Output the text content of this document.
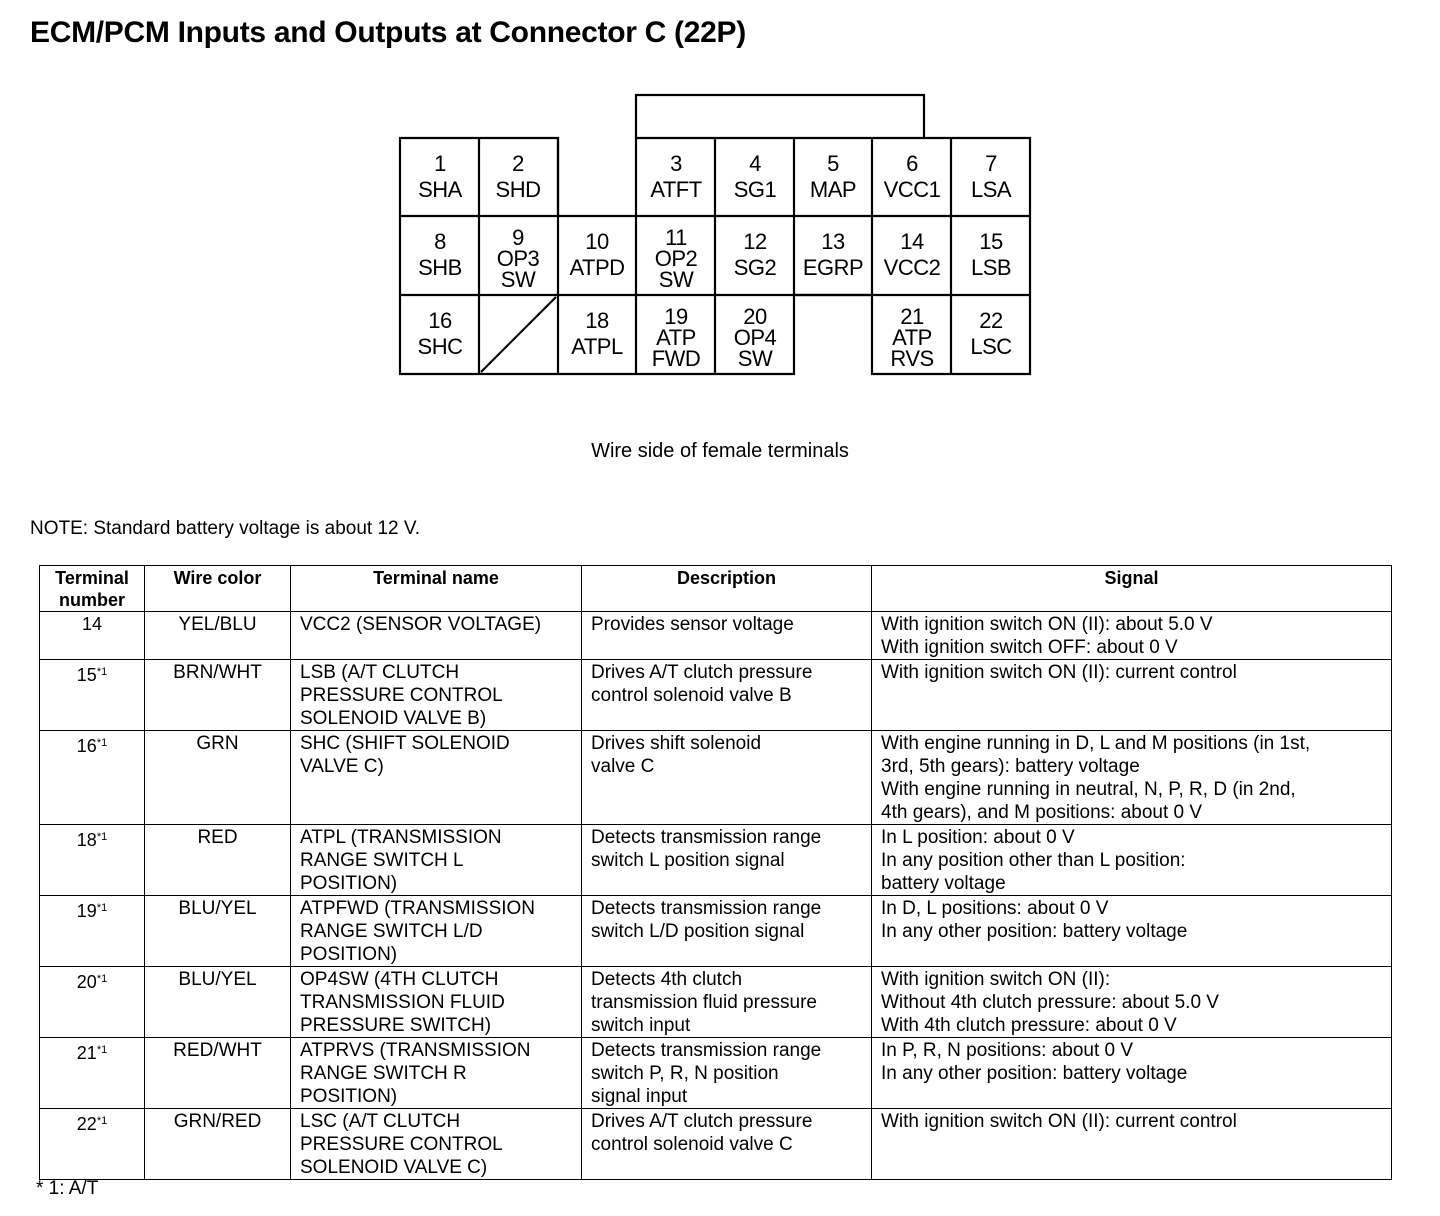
ECM/PCM Inputs and Outputs at Connector C (22P)
1
SHA
2
SHD
3
ATFT
4
SG1
5
MAP
6
VCC1
7
LSA
8
SHB
9
OP3
SW
10
ATPD
11
OP2
SW
12
SG2
13
EGRP
14
VCC2
15
LSB
16
SHC
18
ATPL
19
ATP
FWD
20
OP4
SW
21
ATP
RVS
22
LSC
Wire side of female terminals
NOTE: Standard battery voltage is about 12 V.
Terminal
number	Wire color	Terminal name	Description	Signal
14	YEL/BLU	VCC2 (SENSOR VOLTAGE)	Provides sensor voltage	With ignition switch ON (II): about 5.0 V
With ignition switch OFF: about 0 V
15$^{*1}$	BRN/WHT	LSB (A/T CLUTCH
PRESSURE CONTROL
SOLENOID VALVE B)	Drives A/T clutch pressure
control solenoid valve B	With ignition switch ON (II): current control
16$^{*1}$	GRN	SHC (SHIFT SOLENOID
VALVE C)	Drives shift solenoid
valve C	With engine running in D, L and M positions (in 1st,
3rd, 5th gears): battery voltage
With engine running in neutral, N, P, R, D (in 2nd,
4th gears), and M positions: about 0 V
18$^{*1}$	RED	ATPL (TRANSMISSION
RANGE SWITCH L
POSITION)	Detects transmission range
switch L position signal	In L position: about 0 V
In any position other than L position:
battery voltage
19$^{*1}$	BLU/YEL	ATPFWD (TRANSMISSION
RANGE SWITCH L/D
POSITION)	Detects transmission range
switch L/D position signal	In D, L positions: about 0 V
In any other position: battery voltage
20$^{*1}$	BLU/YEL	OP4SW (4TH CLUTCH
TRANSMISSION FLUID
PRESSURE SWITCH)	Detects 4th clutch
transmission fluid pressure
switch input	With ignition switch ON (II):
Without 4th clutch pressure: about 5.0 V
With 4th clutch pressure: about 0 V
21$^{*1}$	RED/WHT	ATPRVS (TRANSMISSION
RANGE SWITCH R
POSITION)	Detects transmission range
switch P, R, N position
signal input	In P, R, N positions: about 0 V
In any other position: battery voltage
22$^{*1}$	GRN/RED	LSC (A/T CLUTCH
PRESSURE CONTROL
SOLENOID VALVE C)	Drives A/T clutch pressure
control solenoid valve C	With ignition switch ON (II): current control
* 1: A/T
